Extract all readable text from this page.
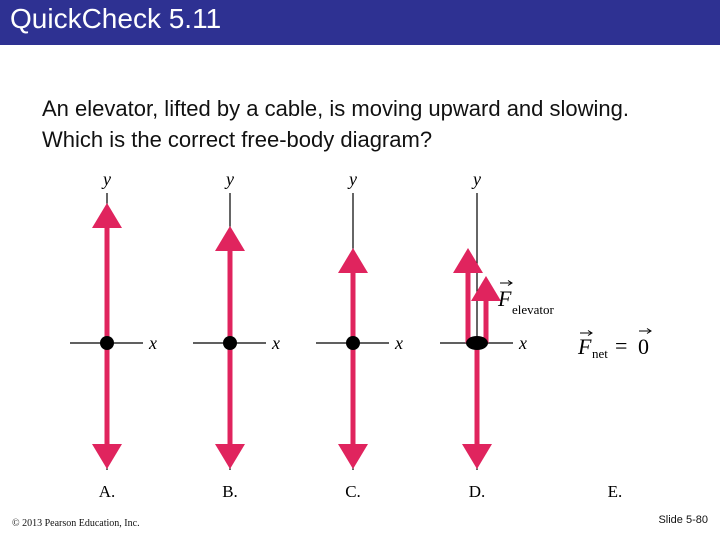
QuickCheck 5.11
An elevator, lifted by a cable, is moving upward and slowing. Which is the correct free-body diagram?
y
x
A.
y
x
B.
y
x
C.
y
x
F elevator
D.
F net = 0
E.
© 2013 Pearson Education, Inc.	Slide 5-80
